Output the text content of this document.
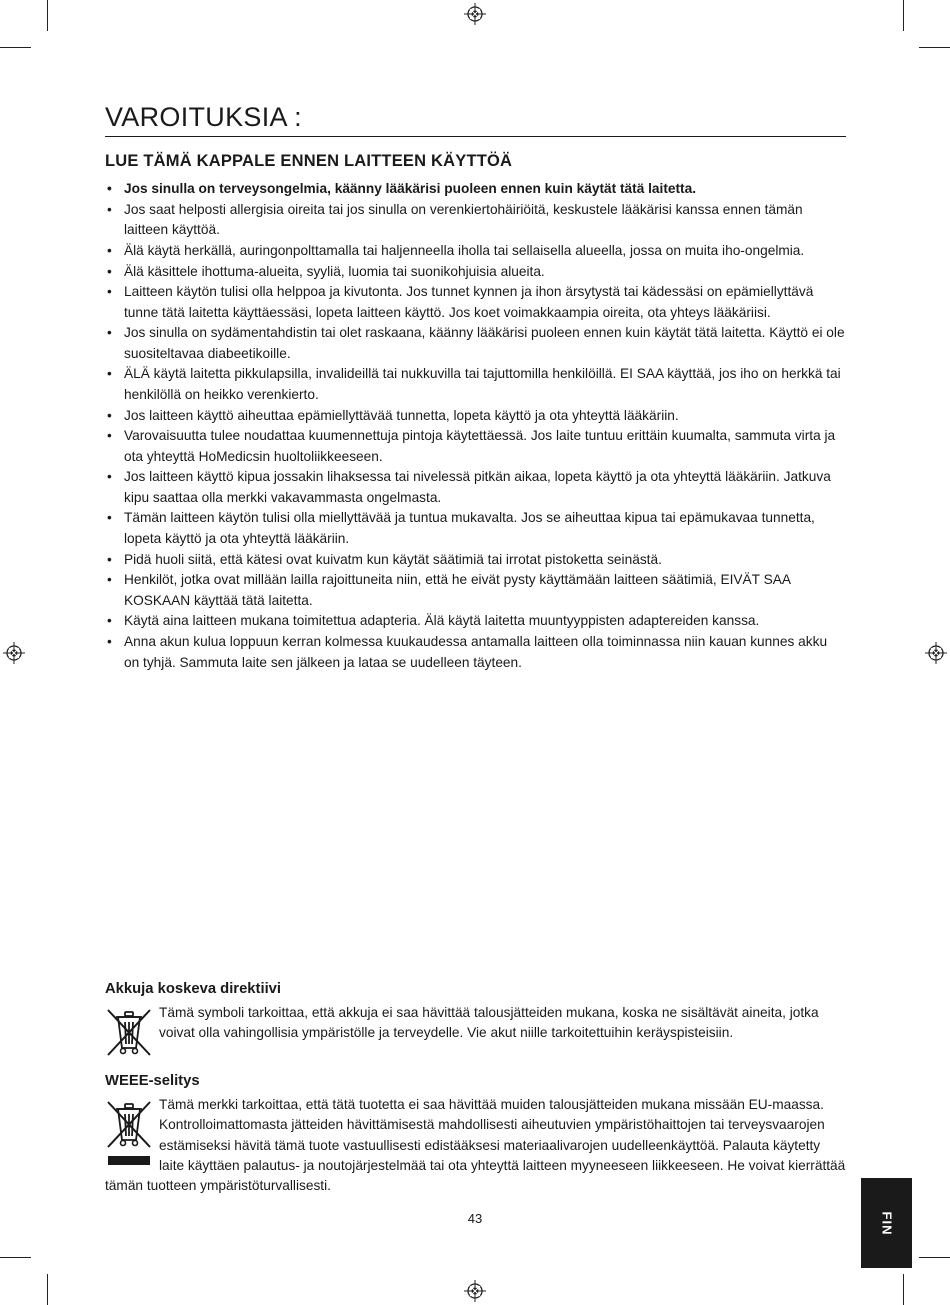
VAROITUKSIA :
LUE TÄMÄ KAPPALE ENNEN LAITTEEN KÄYTTÖÄ
• Jos sinulla on terveysongelmia, käänny lääkärisi puoleen ennen kuin käytät tätä laitetta.
• Jos saat helposti allergisia oireita tai jos sinulla on verenkiertohäiriöitä, keskustele lääkärisi kanssa ennen tämän laitteen käyttöä.
• Älä käytä herkällä, auringonpolttamalla tai haljenneella iholla tai sellaisella alueella, jossa on muita iho-ongelmia.
• Älä käsittele ihottuma-alueita, syyliä, luomia tai suonikohjuisia alueita.
• Laitteen käytön tulisi olla helppoa ja kivutonta. Jos tunnet kynnen ja ihon ärsytystä tai kädessäsi on epämiellyttävä tunne tätä laitetta käyttäessäsi, lopeta laitteen käyttö. Jos koet voimakkaampia oireita, ota yhteys lääkäriisi.
• Jos sinulla on sydämentahdistin tai olet raskaana, käänny lääkärisi puoleen ennen kuin käytät tätä laitetta. Käyttö ei ole suositeltavaa diabeetikoille.
• ÄLÄ käytä laitetta pikkulapsilla, invalideillä tai nukkuvilla tai tajuttomilla henkilöillä. EI SAA käyttää, jos iho on herkkä tai henkilöllä on heikko verenkierto.
• Jos laitteen käyttö aiheuttaa epämiellyttävää tunnetta, lopeta käyttö ja ota yhteyttä lääkäriin.
• Varovaisuutta tulee noudattaa kuumennettuja pintoja käytettäessä. Jos laite tuntuu erittäin kuumalta, sammuta virta ja ota yhteyttä HoMedicsin huoltoliikkeeseen.
• Jos laitteen käyttö kipua jossakin lihaksessa tai nivelessä pitkän aikaa, lopeta käyttö ja ota yhteyttä lääkäriin. Jatkuva kipu saattaa olla merkki vakavammasta ongelmasta.
• Tämän laitteen käytön tulisi olla miellyttävää ja tuntua mukavalta. Jos se aiheuttaa kipua tai epämukavaa tunnetta, lopeta käyttö ja ota yhteyttä lääkäriin.
• Pidä huoli siitä, että kätesi ovat kuivatm kun käytät säätimiä tai irrotat pistoketta seinästä.
• Henkilöt, jotka ovat millään lailla rajoittuneita niin, että he eivät pysty käyttämään laitteen säätimiä, EIVÄT SAA KOSKAAN käyttää tätä laitetta.
• Käytä aina laitteen mukana toimitettua adapteria. Älä käytä laitetta muuntyyppisten adaptereiden kanssa.
• Anna akun kulua loppuun kerran kolmessa kuukaudessa antamalla laitteen olla toiminnassa niin kauan kunnes akku on tyhjä. Sammuta laite sen jälkeen ja lataa se uudelleen täyteen.
Akkuja koskeva direktiivi

Tämä symboli tarkoittaa, että akkuja ei saa hävittää talousjätteiden mukana, koska ne sisältävät aineita, jotka voivat olla vahingollisia ympäristölle ja terveydelle. Vie akut niille tarkoitettuihin keräyspisteisiin.

WEEE-selitys

Tämä merkki tarkoittaa, että tätä tuotetta ei saa hävittää muiden talousjätteiden mukana missään EU-maassa. Kontrolloimattomasta jätteiden hävittämisestä mahdollisesti aiheutuvien ympäristöhaittojen tai terveysvaarojen estämiseksi hävitä tämä tuote vastuullisesti edistääksesi materiaalivarojen uudelleenkäyttöä. Palauta käytetty laite käyttäen palautus- ja noutojärjestelmää tai ota yhteyttä laitteen myyneeseen liikkeeseen. He voivat kierrättää tämän tuotteen ympäristöturvallisesti.

43	FIN
